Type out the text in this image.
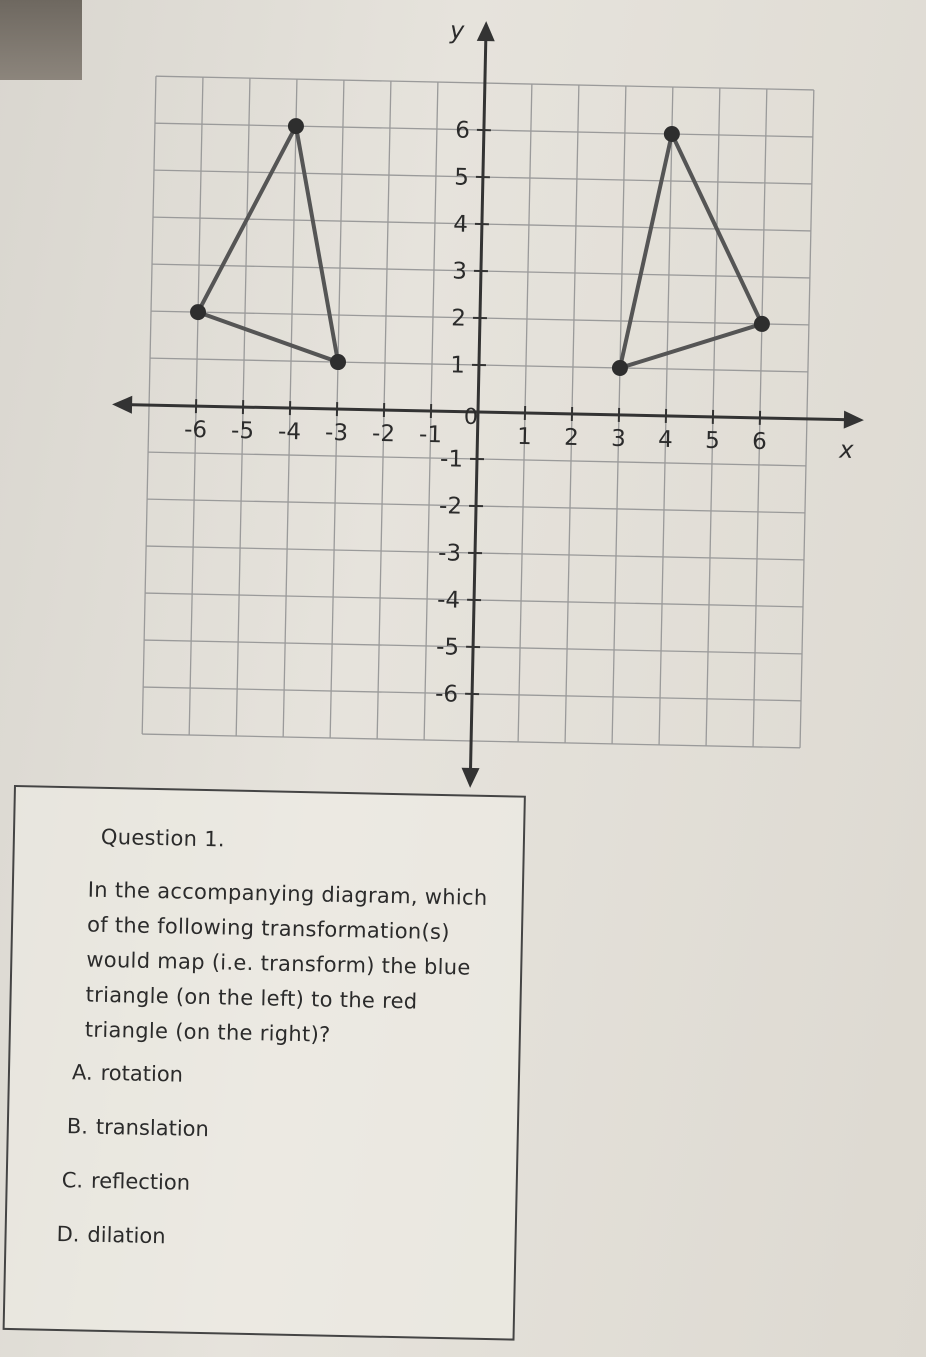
-6 -5 -4 -3 -2 -1	1 2 3 4 5 6
6
5
4
3
2
1
-1
-2
-3
-4
-5
-6
x
y
0
Question 1.
In the accompanying diagram, which
of the following transformation(s)
would map (i.e. transform) the blue
triangle (on the left) to the red
triangle (on the right)?
A. rotation
B. translation
C. reflection
D. dilation
